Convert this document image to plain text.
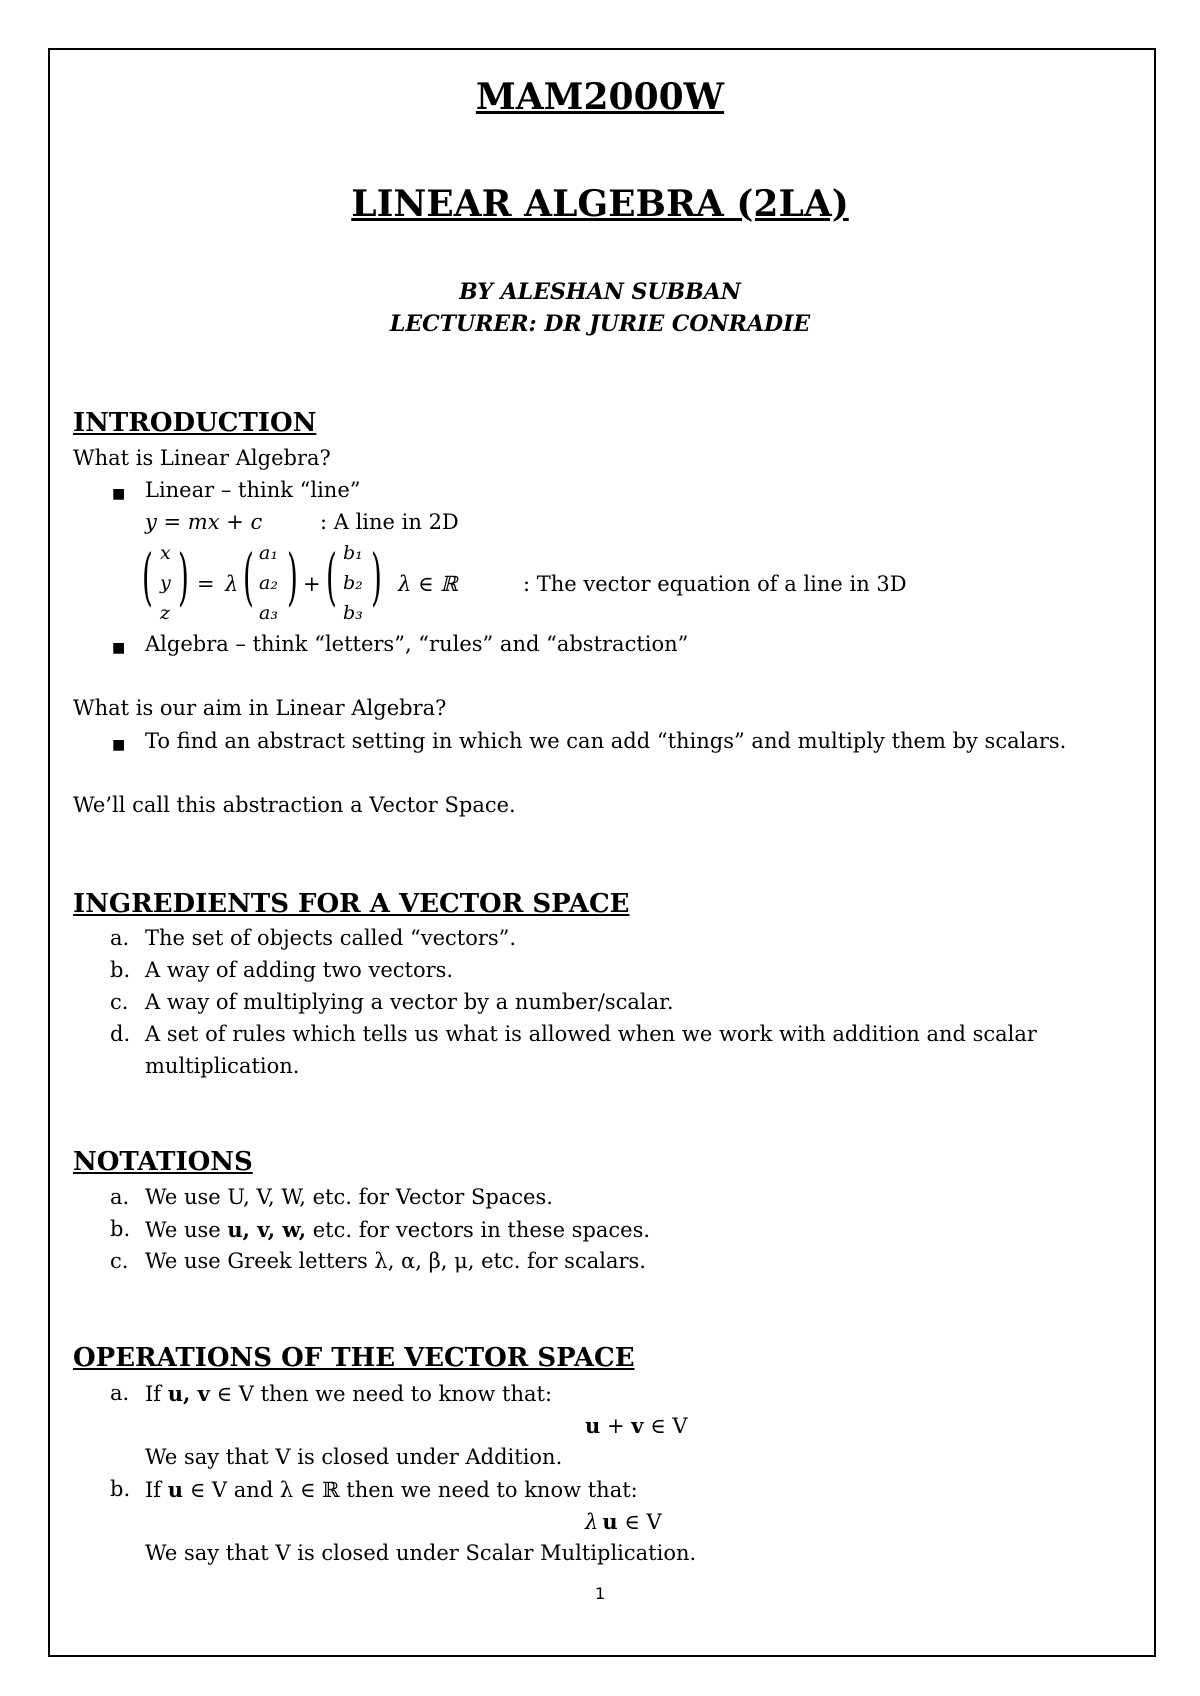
MAM2000W
LINEAR ALGEBRA (2LA)
BY ALESHAN SUBBAN
LECTURER: DR JURIE CONRADIE
INTRODUCTION
What is Linear Algebra?
■ Linear – think “line”
y = mx + c	: A line in 2D
( x
y
z ) = λ ( a₁
a₂
a₃ ) + ( b₁
b₂
b₃ ) λ ∈ ℝ	: The vector equation of a line in 3D
■ Algebra – think “letters”, “rules” and “abstraction”
What is our aim in Linear Algebra?
■ To find an abstract setting in which we can add “things” and multiply them by scalars.
We’ll call this abstraction a Vector Space.
INGREDIENTS FOR A VECTOR SPACE
a. The set of objects called “vectors”.
b. A way of adding two vectors.
c. A way of multiplying a vector by a number/scalar.
d. A set of rules which tells us what is allowed when we work with addition and scalar
multiplication.
NOTATIONS
a. We use U, V, W, etc. for Vector Spaces.
b. We use u, v, w, etc. for vectors in these spaces.
c. We use Greek letters λ, α, β, μ, etc. for scalars.
OPERATIONS OF THE VECTOR SPACE
a. If u, v ∈ V then we need to know that:
u + v ∈ V
We say that V is closed under Addition.
b. If u ∈ V and λ ∈ ℝ then we need to know that:
λ u ∈ V
We say that V is closed under Scalar Multiplication.
1
